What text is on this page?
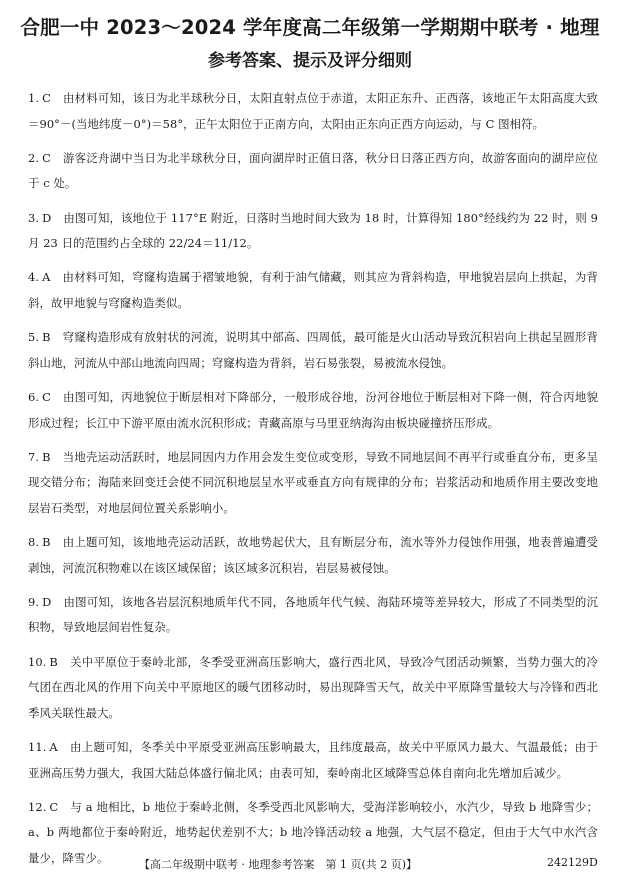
合肥一中 2023～2024 学年度高二年级第一学期期中联考 · 地理
参考答案、提示及评分细则

1. C 由材料可知，该日为北半球秋分日，太阳直射点位于赤道，太阳正东升、正西落，该地正午太阳高度大致＝90°－(当地纬度－0°)＝58°，正午太阳位于正南方向，太阳由正东向正西方向运动，与 C 图相符。

2. C 游客泛舟湖中当日为北半球秋分日，面向湖岸时正值日落，秋分日日落正西方向，故游客面向的湖岸应位于 c 处。

3. D 由图可知，该地位于 117°E 附近，日落时当地时间大致为 18 时，计算得知 180°经线约为 22 时，则 9 月 23 日的范围约占全球的 22/24＝11/12。

4. A 由材料可知，穹窿构造属于褶皱地貌，有利于油气储藏，则其应为背斜构造，甲地貌岩层向上拱起，为背斜，故甲地貌与穹窿构造类似。

5. B 穹窿构造形成有放射状的河流，说明其中部高、四周低，最可能是火山活动导致沉积岩向上拱起呈圆形背斜山地，河流从中部山地流向四周；穹窿构造为背斜，岩石易张裂，易被流水侵蚀。

6. C 由图可知，丙地貌位于断层相对下降部分，一般形成谷地，汾河谷地位于断层相对下降一侧，符合丙地貌形成过程；长江中下游平原由流水沉积形成；青藏高原与马里亚纳海沟由板块碰撞挤压形成。

7. B 当地壳运动活跃时，地层同因内力作用会发生变位或变形，导致不同地层间不再平行或垂直分布，更多呈现交错分布；海陆来回变迁会使不同沉积地层呈水平或垂直方向有规律的分布；岩浆活动和地质作用主要改变地层岩石类型，对地层间位置关系影响小。

8. B 由上题可知，该地地壳运动活跃，故地势起伏大，且有断层分布，流水等外力侵蚀作用强，地表普遍遭受剥蚀，河流沉积物难以在该区域保留；该区域多沉积岩，岩层易被侵蚀。

9. D 由图可知，该地各岩层沉积地质年代不同，各地质年代气候、海陆环境等差异较大，形成了不同类型的沉积物，导致地层间岩性复杂。

10. B 关中平原位于秦岭北部，冬季受亚洲高压影响大，盛行西北风，导致冷气团活动频繁，当势力强大的冷气团在西北风的作用下向关中平原地区的暖气团移动时，易出现降雪天气，故关中平原降雪量较大与冷锋和西北季风关联性最大。

11. A 由上题可知，冬季关中平原受亚洲高压影响最大，且纬度最高，故关中平原风力最大、气温最低；由于亚洲高压势力强大，我国大陆总体盛行偏北风；由表可知，秦岭南北区域降雪总体自南向北先增加后减少。

12. C 与 a 地相比，b 地位于秦岭北侧，冬季受西北风影响大，受海洋影响较小，水汽少，导致 b 地降雪少；a、b 两地都位于秦岭附近，地势起伏差别不大；b 地冷锋活动较 a 地强，大气层不稳定，但由于大气中水汽含量少，降雪少。	【高二年级期中联考 · 地理参考答案　第 1 页(共 2 页)】	242129D
